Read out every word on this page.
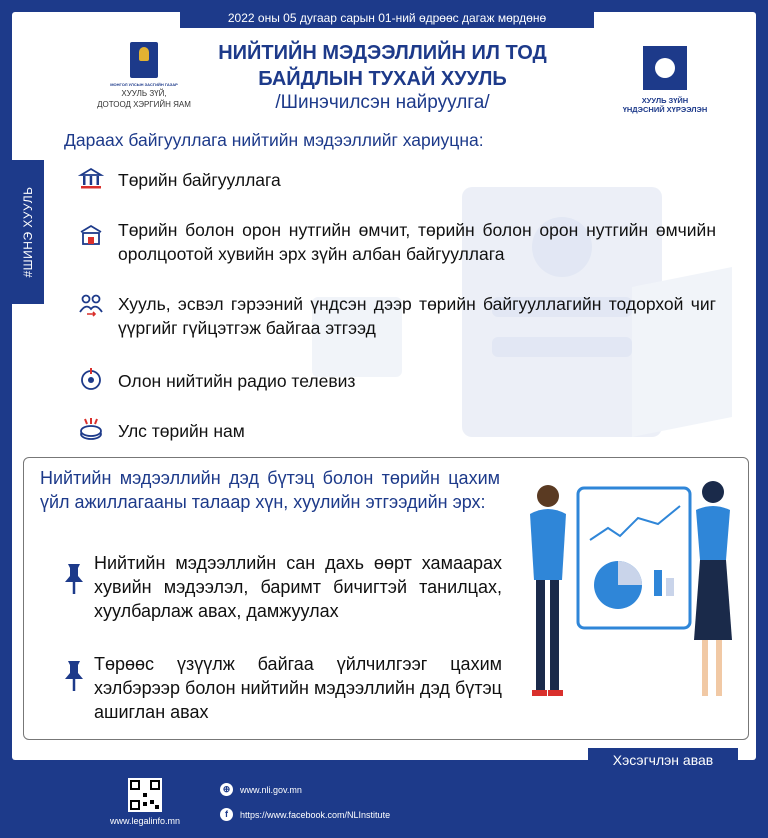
2022 оны 05 дугаар сарын 01-ний өдрөөс дагаж мөрдөнө
#ШИНЭ ХУУЛЬ
МОНГОЛ УЛСЫН ЗАСГИЙН ГАЗАР
ХУУЛЬ ЗҮЙ,
ДОТООД ХЭРГИЙН ЯАМ	ХУУЛЬ ЗҮЙН
ҮНДЭСНИЙ ХҮРЭЭЛЭН
НИЙТИЙН МЭДЭЭЛЛИЙН ИЛ ТОД
БАЙДЛЫН ТУХАЙ ХУУЛЬ
/Шинэчилсэн найруулга/
Дараах байгууллага нийтийн мэдээллийг хариуцна:
Төрийн байгууллага
Төрийн болон орон нутгийн өмчит, төрийн болон орон нутгийн өмчийн оролцоотой хувийн эрх зүйн албан байгууллага
Хууль, эсвэл гэрээний үндсэн дээр төрийн байгууллагийн тодорхой чиг үүргийг гүйцэтгэж байгаа этгээд
Олон нийтийн радио телевиз
Улс төрийн нам
Нийтийн мэдээллийн дэд бүтэц болон төрийн цахим үйл ажиллагааны талаар хүн, хуулийн этгээдийн эрх:
Нийтийн мэдээллийн сан дахь өөрт хамаарах хувийн мэдээлэл, баримт бичигтэй танилцах, хуулбарлаж авах, дамжуулах
Төрөөс үзүүлж байгаа үйлчилгээг цахим хэлбэрээр болон нийтийн мэдээллийн дэд бүтэц ашиглан авах
Хэсэгчлэн авав
www.legalinfo.mn
⊕	www.nli.gov.mn
f	https://www.facebook.com/NLInstitute
